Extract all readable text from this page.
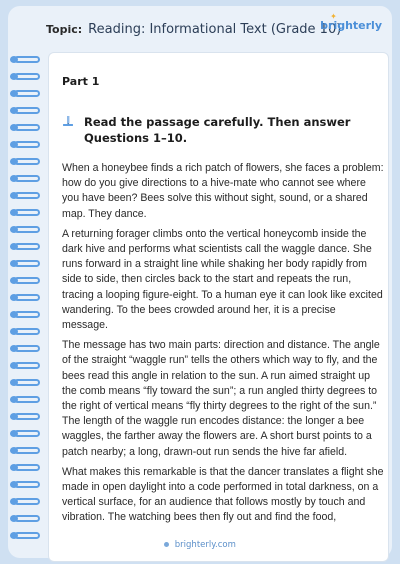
Topic: Reading: Informational Text (Grade 10)
✦
brighterly
Part 1
Read the passage carefully. Then answer Questions 1–10.

When a honeybee finds a rich patch of flowers, she faces a problem: how do you give directions to a hive-mate who cannot see where you have been? Bees solve this without sight, sound, or a shared map. They dance.

A returning forager climbs onto the vertical honeycomb inside the dark hive and performs what scientists call the waggle dance. She runs forward in a straight line while shaking her body rapidly from side to side, then circles back to the start and repeats the run, tracing a looping figure-eight. To a human eye it can look like excited wandering. To the bees crowded around her, it is a precise message.

The message has two main parts: direction and distance. The angle of the straight “waggle run” tells the others which way to fly, and the bees read this angle in relation to the sun. A run aimed straight up the comb means “fly toward the sun”; a run angled thirty degrees to the right of vertical means “fly thirty degrees to the right of the sun.” The length of the waggle run encodes distance: the longer a bee waggles, the farther away the flowers are. A short burst points to a patch nearby; a long, drawn-out run sends the hive far afield.

What makes this remarkable is that the dancer translates a flight she made in open daylight into a code performed in total darkness, on a vertical surface, for an audience that follows mostly by touch and vibration. The watching bees then fly out and find the food,

brighterly.com
